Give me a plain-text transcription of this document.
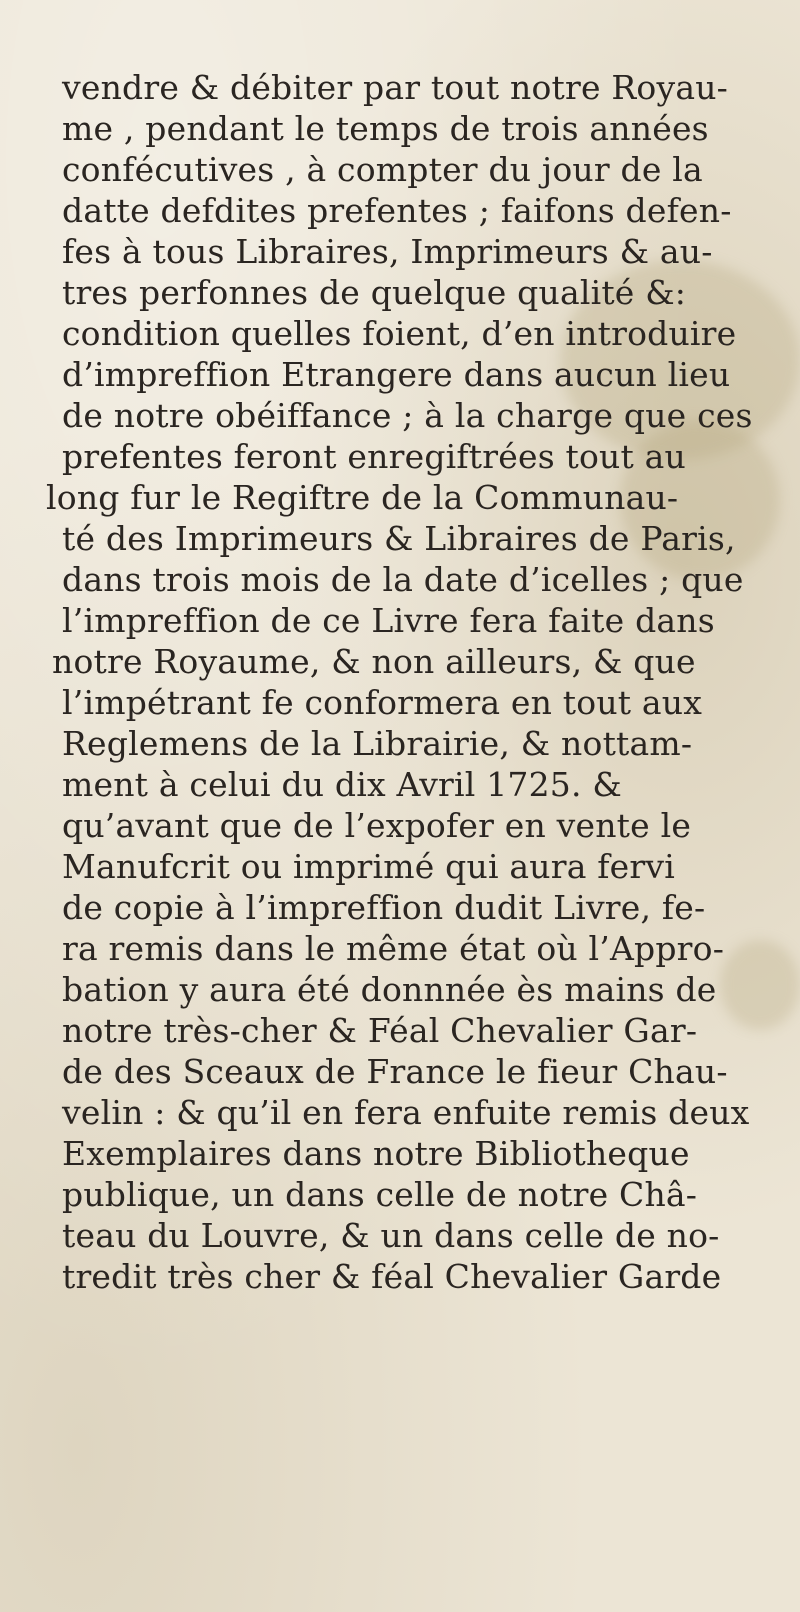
vendre & débiter par tout notre Royau-
me , pendant le temps de trois années
confécutives , à compter du jour de la
datte defdites prefentes ; faifons defen-
fes à tous Libraires, Imprimeurs & au-
tres perfonnes de quelque qualité &:
condition quelles foient, d’en introduire
d’impreffion Etrangere dans aucun lieu
de notre obéiffance ; à la charge que ces
prefentes feront enregiftrées tout au
long fur le Regiftre de la Communau-
té des Imprimeurs & Libraires de Paris,
dans trois mois de la date d’icelles ; que
l’impreffion de ce Livre fera faite dans
notre Royaume, & non ailleurs, & que
l’impétrant fe conformera en tout aux
Reglemens de la Librairie, & nottam-
ment à celui du dix Avril 1725. &
qu’avant que de l’expofer en vente le
Manufcrit ou imprimé qui aura fervi
de copie à l’impreffion dudit Livre, fe-
ra remis dans le même état où l’Appro-
bation y aura été donnnée ès mains de
notre très-cher & Féal Chevalier Gar-
de des Sceaux de France le fieur Chau-
velin : & qu’il en fera enfuite remis deux
Exemplaires dans notre Bibliotheque
publique, un dans celle de notre Châ-
teau du Louvre, & un dans celle de no-
tredit très cher & féal Chevalier Garde
